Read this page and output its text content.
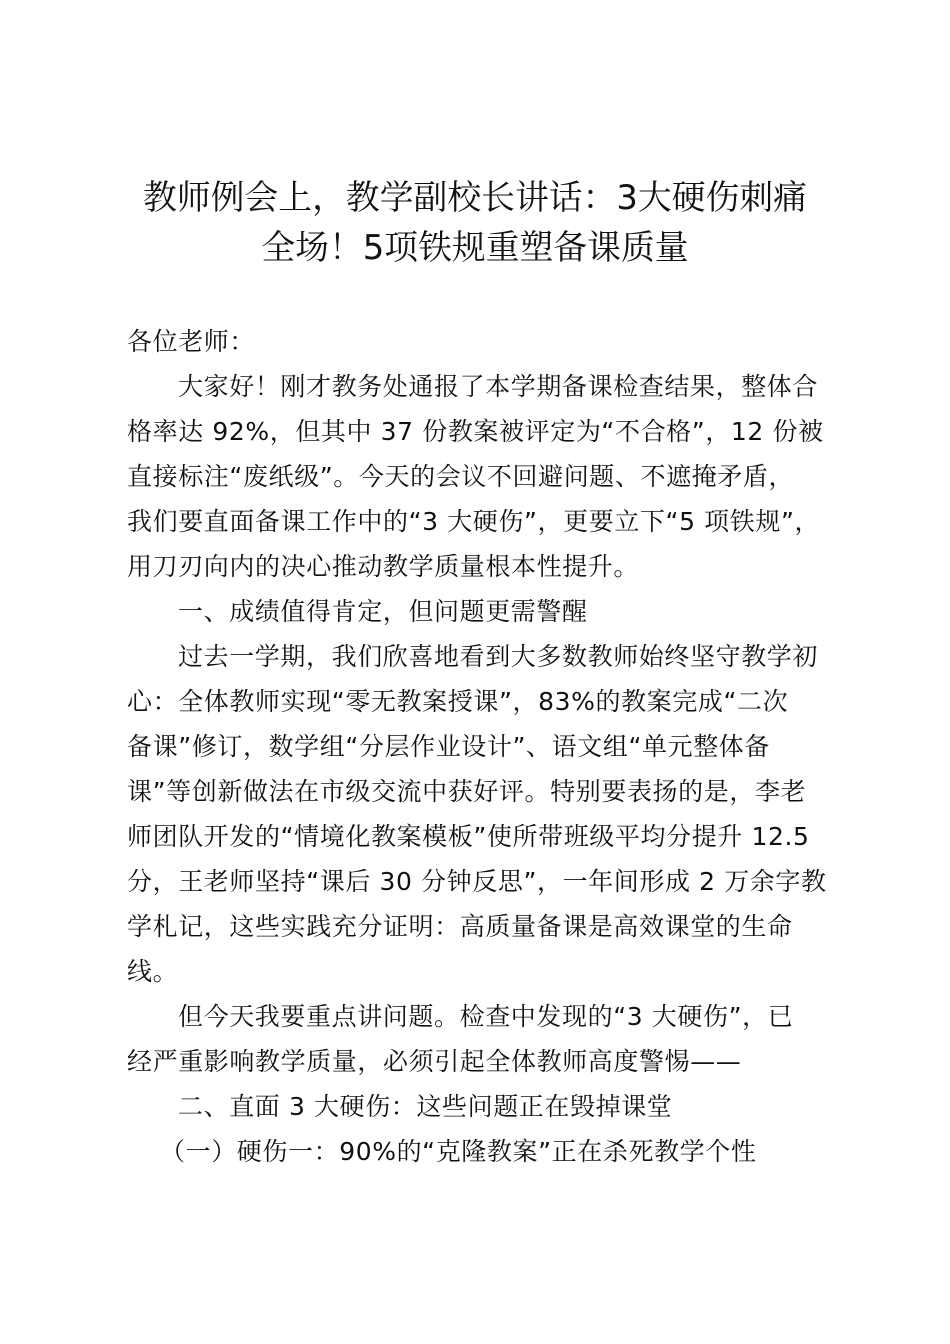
教师例会上，教学副校长讲话：3大硬伤刺痛
全场！5项铁规重塑备课质量
各位老师：
大家好！刚才教务处通报了本学期备课检查结果，整体合
格率达 92%，但其中 37 份教案被评定为“不合格”，12 份被
直接标注“废纸级”。今天的会议不回避问题、不遮掩矛盾，
我们要直面备课工作中的“3 大硬伤”，更要立下“5 项铁规”，
用刀刃向内的决心推动教学质量根本性提升。
一、成绩值得肯定，但问题更需警醒
过去一学期，我们欣喜地看到大多数教师始终坚守教学初
心：全体教师实现“零无教案授课”，83%的教案完成“二次
备课”修订，数学组“分层作业设计”、语文组“单元整体备
课”等创新做法在市级交流中获好评。特别要表扬的是，李老
师团队开发的“情境化教案模板”使所带班级平均分提升 12.5
分，王老师坚持“课后 30 分钟反思”，一年间形成 2 万余字教
学札记，这些实践充分证明：高质量备课是高效课堂的生命
线。
但今天我要重点讲问题。检查中发现的“3 大硬伤”，已
经严重影响教学质量，必须引起全体教师高度警惕——
二、直面 3 大硬伤：这些问题正在毁掉课堂
（一）硬伤一：90%的“克隆教案”正在杀死教学个性
